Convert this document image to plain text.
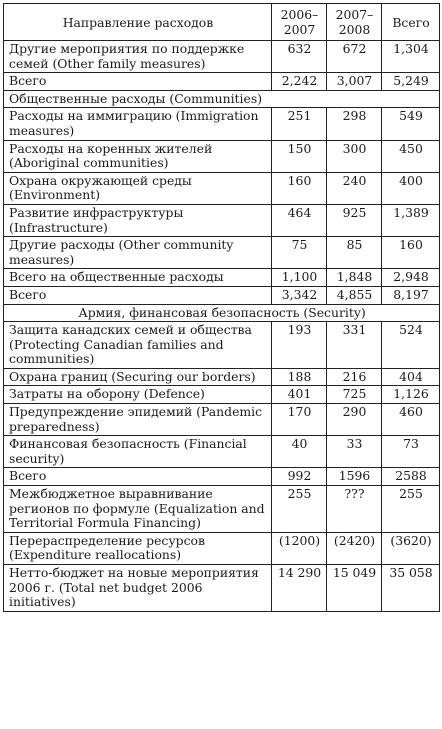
Направление расходов	2006–2007	2007–2008	Всего
Другие мероприятия по поддержке семей (Other family measures)	632	672	1,304
Всего	2,242	3,007	5,249
Общественные расходы (Communities)			
Расходы на иммиграцию (Immigration measures)	251	298	549
Расходы на коренных жителей (Aboriginal communities)	150	300	450
Охрана окружающей среды (Environment)	160	240	400
Развитие инфраструктуры (Infrastructure)	464	925	1,389
Другие расходы (Other community measures)	75	85	160
Всего на общественные расходы	1,100	1,848	2,948
Всего	3,342	4,855	8,197
Армия, финансовая безопасность (Security)			
Защита канадских семей и общества (Protecting Canadian families and communities)	193	331	524
Охрана границ (Securing our borders)	188	216	404
Затраты на оборону (Defence)	401	725	1,126
Предупреждение эпидемий (Pandemic preparedness)	170	290	460
Финансовая безопасность (Financial security)	40	33	73
Всего	992	1596	2588
Межбюджетное выравнивание регионов по формуле (Equalization and Territorial Formula Financing)	255	???	255
Перераспределение ресурсов (Expenditure reallocations)	(1200)	(2420)	(3620)
Нетто-бюджет на новые мероприятия 2006 г. (Total net budget 2006 initiatives)	14 290	15 049	35 058
